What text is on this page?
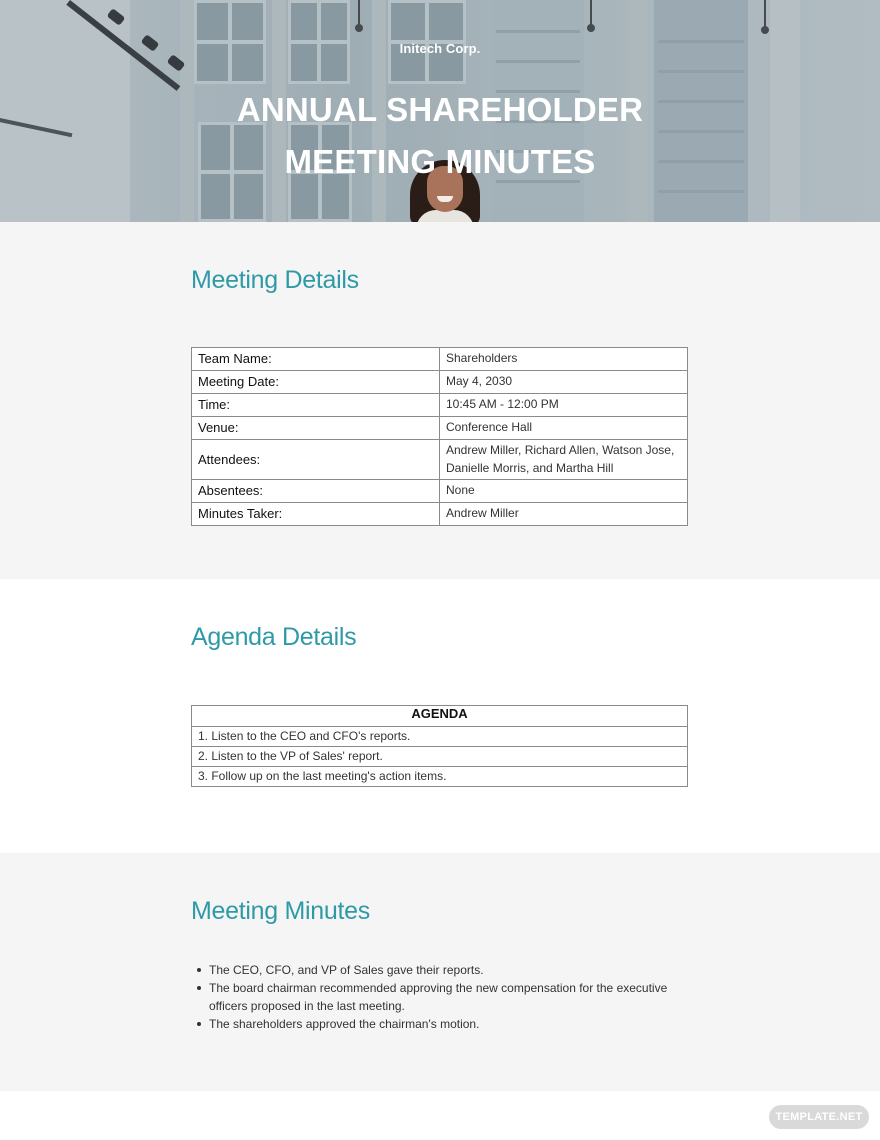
Initech Corp.
ANNUAL SHAREHOLDER
MEETING MINUTES
Meeting Details
Team Name:	Shareholders
Meeting Date:	May 4, 2030
Time:	10:45 AM - 12:00 PM
Venue:	Conference Hall
Attendees:	Andrew Miller, Richard Allen, Watson Jose, Danielle Morris, and Martha Hill
Absentees:	None
Minutes Taker:	Andrew Miller
Agenda Details
AGENDA
1. Listen to the CEO and CFO's reports.
2. Listen to the VP of Sales' report.
3. Follow up on the last meeting's action items.
Meeting Minutes
The CEO, CFO, and VP of Sales gave their reports.
The board chairman recommended approving the new compensation for the executive officers proposed in the last meeting.
The shareholders approved the chairman's motion.
TEMPLATE.NET
